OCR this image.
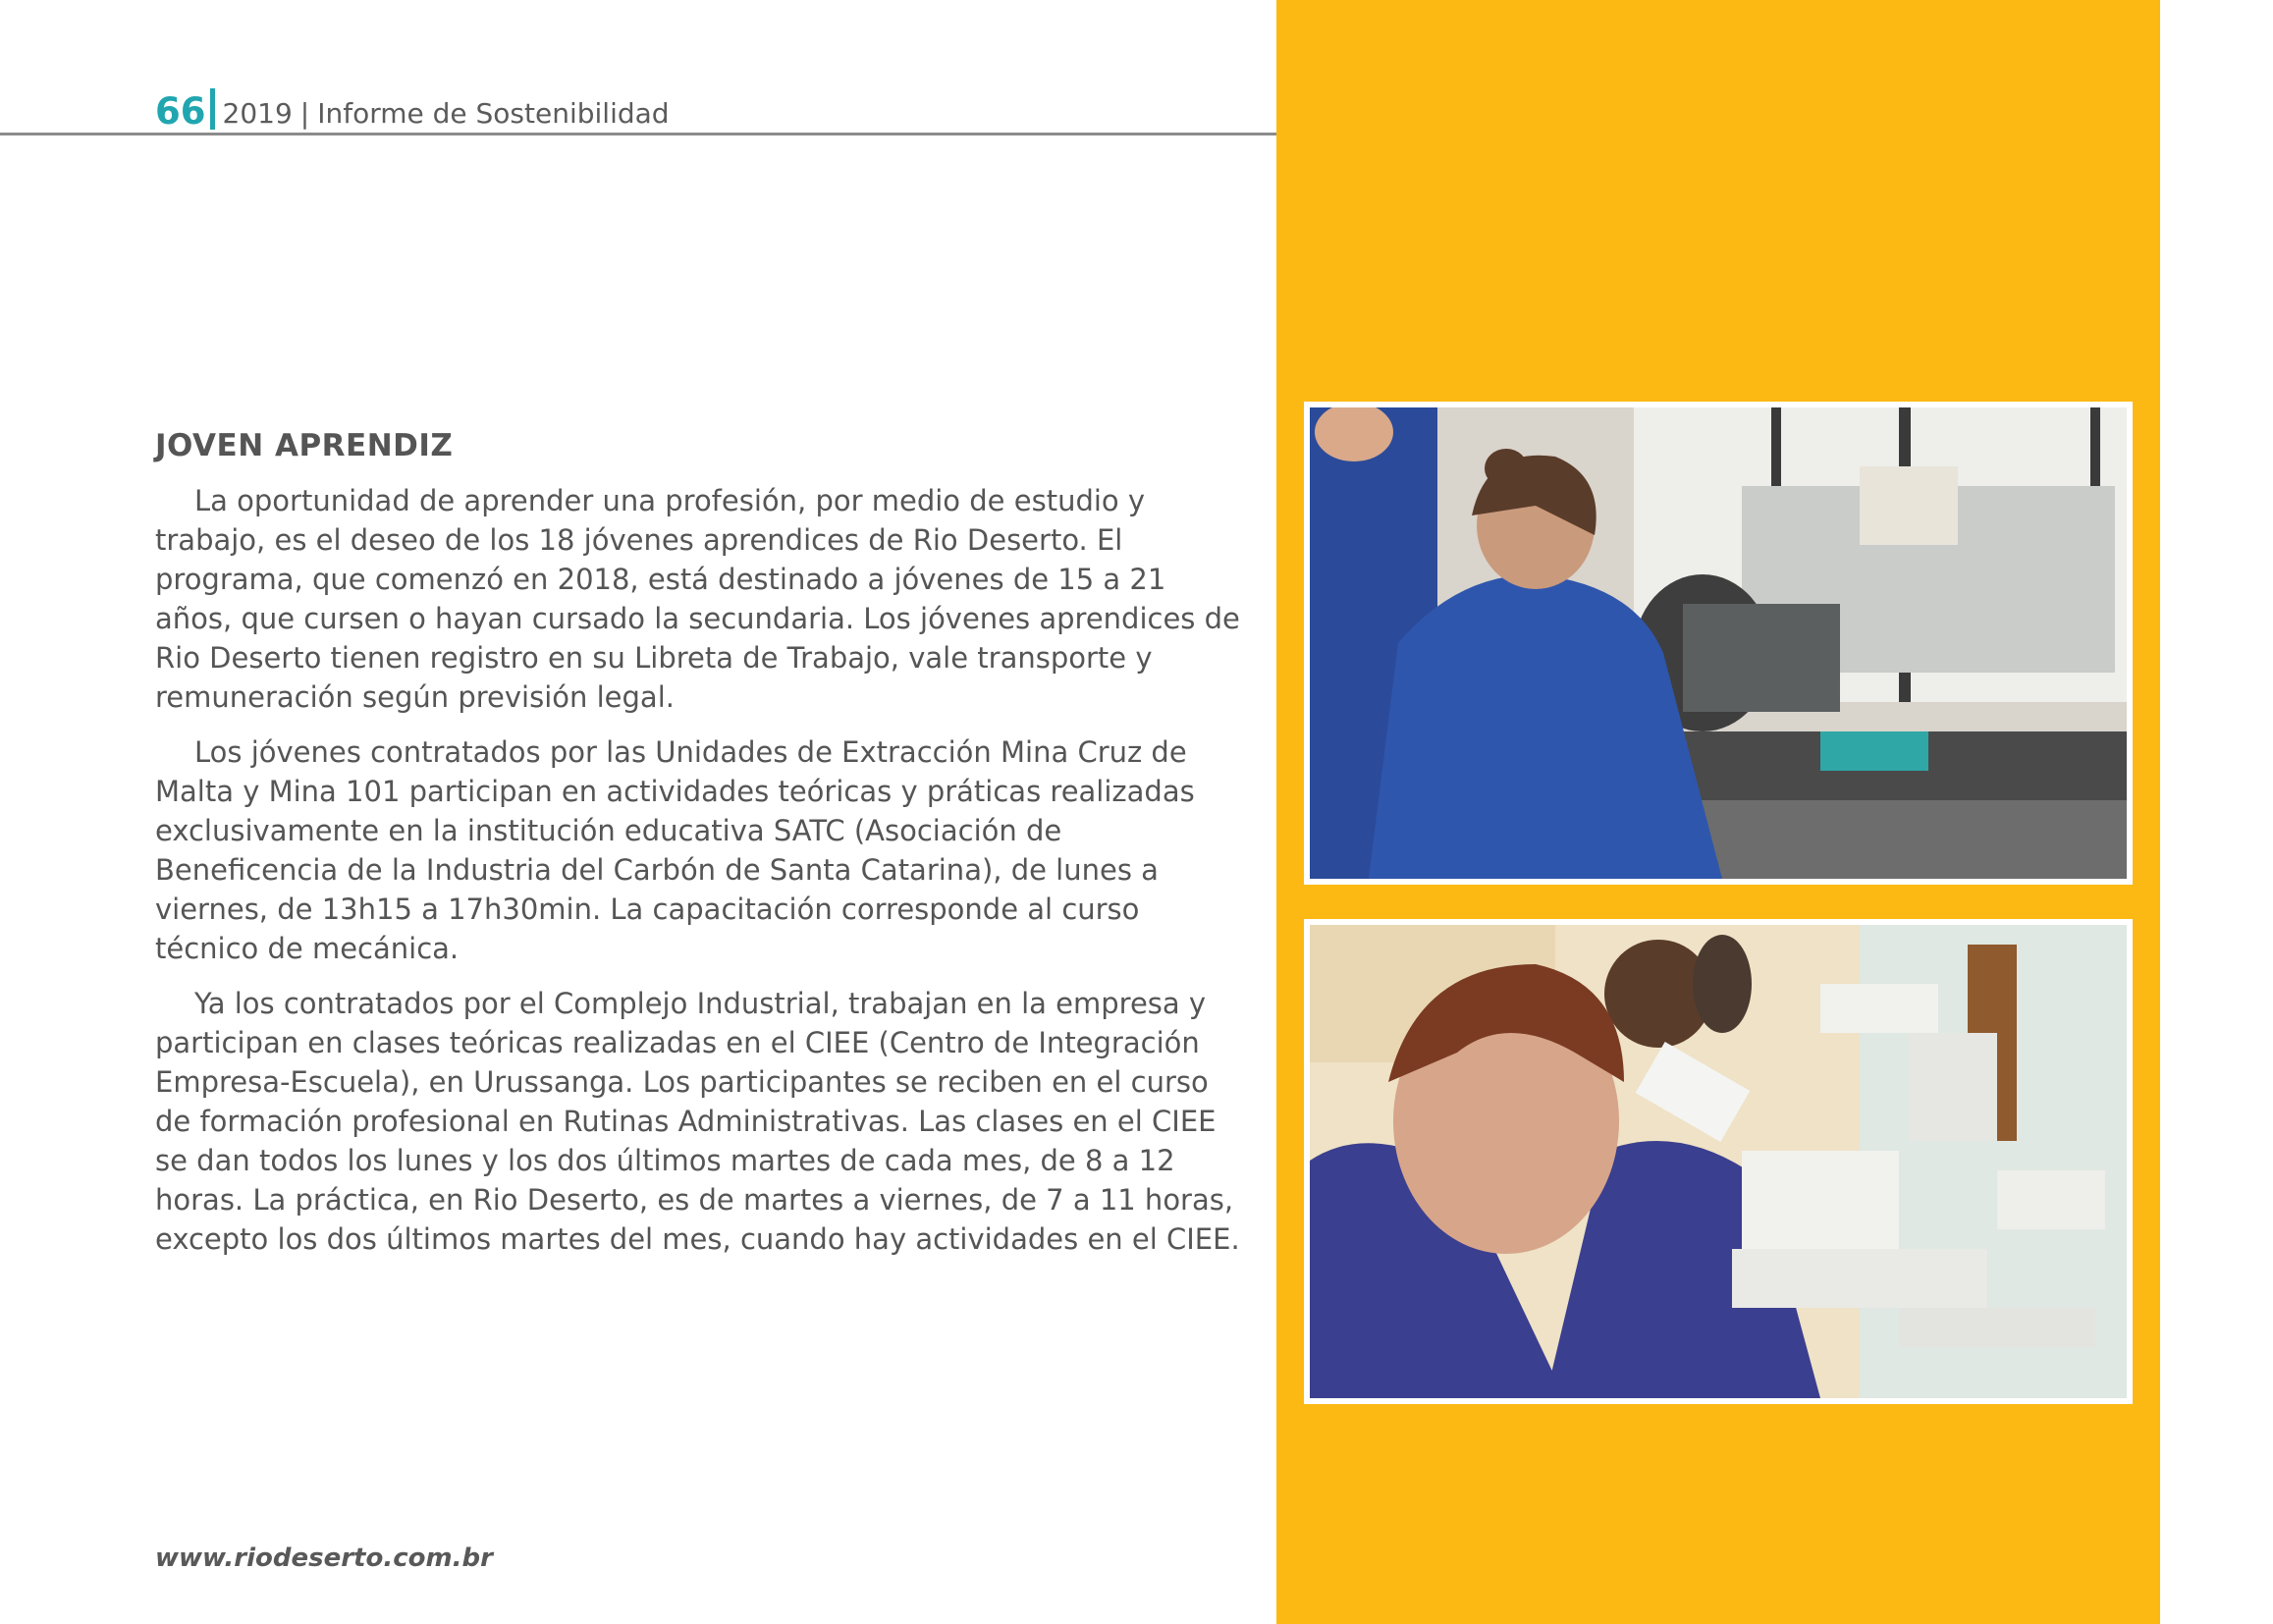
66 2019 | Informe de Sostenibilidad
JOVEN APRENDIZ

La oportunidad de aprender una profesión, por medio de estudio y trabajo, es el deseo de los 18 jóvenes aprendices de Rio Deserto. El programa, que comenzó en 2018, está destinado a jóvenes de 15 a 21 años, que cursen o hayan cursado la secundaria. Los jóvenes aprendices de Rio Deserto tienen registro en su Libreta de Trabajo, vale transporte y remuneración según previsión legal.

Los jóvenes contratados por las Unidades de Extracción Mina Cruz de Malta y Mina 101 participan en actividades teóricas y práticas realizadas exclusivamente en la institución educativa SATC (Asociación de Beneficencia de la Industria del Carbón de Santa Catarina), de lunes a viernes, de 13h15 a 17h30min. La capacitación corresponde al curso técnico de mecánica.

Ya los contratados por el Complejo Industrial, trabajan en la empresa y participan en clases teóricas realizadas en el CIEE (Centro de Integración Empresa-Escuela), en Urussanga. Los participantes se reciben en el curso de formación profesional en Rutinas Administrativas. Las clases en el CIEE se dan todos los lunes y los dos últimos martes de cada mes, de 8 a 12 horas. La práctica, en Rio Deserto, es de martes a viernes, de 7 a 11 horas, excepto los dos últimos martes del mes, cuando hay actividades en el CIEE.

www.riodeserto.com.br
